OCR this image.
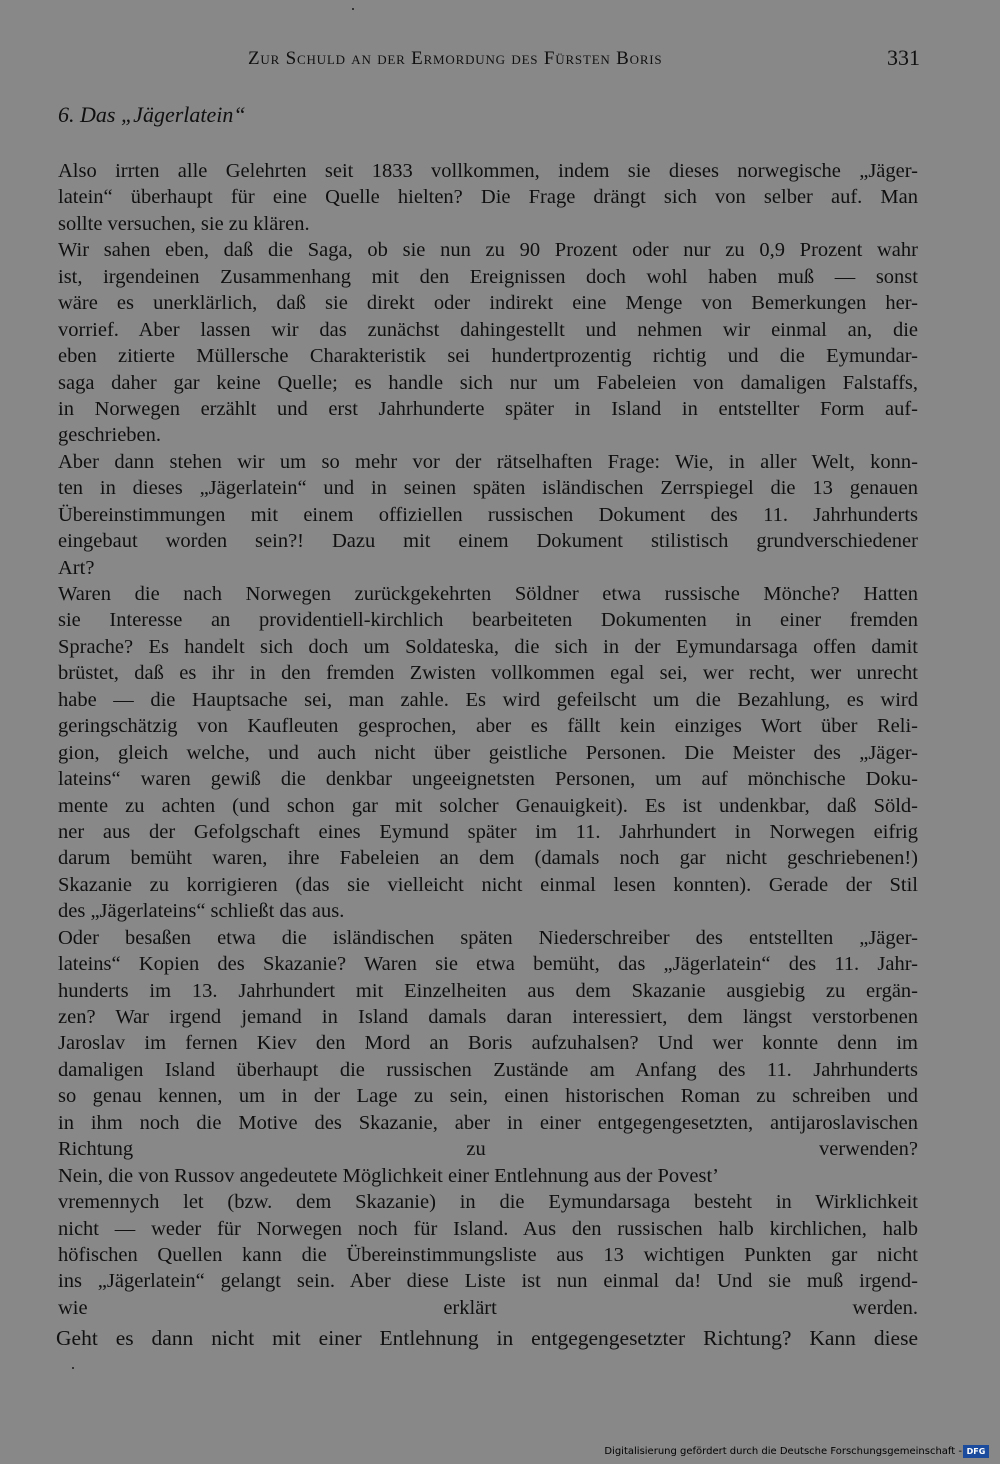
Zur Schuld an der Ermordung des Fürsten Boris	331
6. Das „Jägerlatein“
Also irrten alle Gelehrten seit 1833 vollkommen, indem sie dieses norwegische „Jäger-
latein“ überhaupt für eine Quelle hielten? Die Frage drängt sich von selber auf. Man
sollte versuchen, sie zu klären.
Wir sahen eben, daß die Saga, ob sie nun zu 90 Prozent oder nur zu 0,9 Prozent wahr
ist, irgendeinen Zusammenhang mit den Ereignissen doch wohl haben muß — sonst
wäre es unerklärlich, daß sie direkt oder indirekt eine Menge von Bemerkungen her-
vorrief. Aber lassen wir das zunächst dahingestellt und nehmen wir einmal an, die
eben zitierte Müllersche Charakteristik sei hundertprozentig richtig und die Eymundar-
saga daher gar keine Quelle; es handle sich nur um Fabeleien von damaligen Falstaffs,
in Norwegen erzählt und erst Jahrhunderte später in Island in entstellter Form auf-
geschrieben.
Aber dann stehen wir um so mehr vor der rätselhaften Frage: Wie, in aller Welt, konn-
ten in dieses „Jägerlatein“ und in seinen späten isländischen Zerrspiegel die 13 genauen
Übereinstimmungen mit einem offiziellen russischen Dokument des 11. Jahrhunderts
eingebaut worden sein?! Dazu mit einem Dokument stilistisch grundverschiedener
Art?
Waren die nach Norwegen zurückgekehrten Söldner etwa russische Mönche? Hatten
sie Interesse an providentiell-kirchlich bearbeiteten Dokumenten in einer fremden
Sprache? Es handelt sich doch um Soldateska, die sich in der Eymundarsaga offen damit
brüstet, daß es ihr in den fremden Zwisten vollkommen egal sei, wer recht, wer unrecht
habe — die Hauptsache sei, man zahle. Es wird gefeilscht um die Bezahlung, es wird
geringschätzig von Kaufleuten gesprochen, aber es fällt kein einziges Wort über Reli-
gion, gleich welche, und auch nicht über geistliche Personen. Die Meister des „Jäger-
lateins“ waren gewiß die denkbar ungeeignetsten Personen, um auf mönchische Doku-
mente zu achten (und schon gar mit solcher Genauigkeit). Es ist undenkbar, daß Söld-
ner aus der Gefolgschaft eines Eymund später im 11. Jahrhundert in Norwegen eifrig
darum bemüht waren, ihre Fabeleien an dem (damals noch gar nicht geschriebenen!)
Skazanie zu korrigieren (das sie vielleicht nicht einmal lesen konnten). Gerade der Stil
des „Jägerlateins“ schließt das aus.
Oder besaßen etwa die isländischen späten Niederschreiber des entstellten „Jäger-
lateins“ Kopien des Skazanie? Waren sie etwa bemüht, das „Jägerlatein“ des 11. Jahr-
hunderts im 13. Jahrhundert mit Einzelheiten aus dem Skazanie ausgiebig zu ergän-
zen? War irgend jemand in Island damals daran interessiert, dem längst verstorbenen
Jaroslav im fernen Kiev den Mord an Boris aufzuhalsen? Und wer konnte denn im
damaligen Island überhaupt die russischen Zustände am Anfang des 11. Jahrhunderts
so genau kennen, um in der Lage zu sein, einen historischen Roman zu schreiben und
in ihm noch die Motive des Skazanie, aber in einer entgegengesetzten, antijaroslavischen
Richtung zu verwenden?
Nein, die von Russov angedeutete Möglichkeit einer Entlehnung aus der Povest’
vremennych let (bzw. dem Skazanie) in die Eymundarsaga besteht in Wirklichkeit
nicht — weder für Norwegen noch für Island. Aus den russischen halb kirchlichen, halb
höfischen Quellen kann die Übereinstimmungsliste aus 13 wichtigen Punkten gar nicht
ins „Jägerlatein“ gelangt sein. Aber diese Liste ist nun einmal da! Und sie muß irgend-
wie erklärt werden.
Geht es dann nicht mit einer Entlehnung in entgegengesetzter Richtung? Kann diese
Digitalisierung gefördert durch die Deutsche Forschungsgemeinschaft - DFG
